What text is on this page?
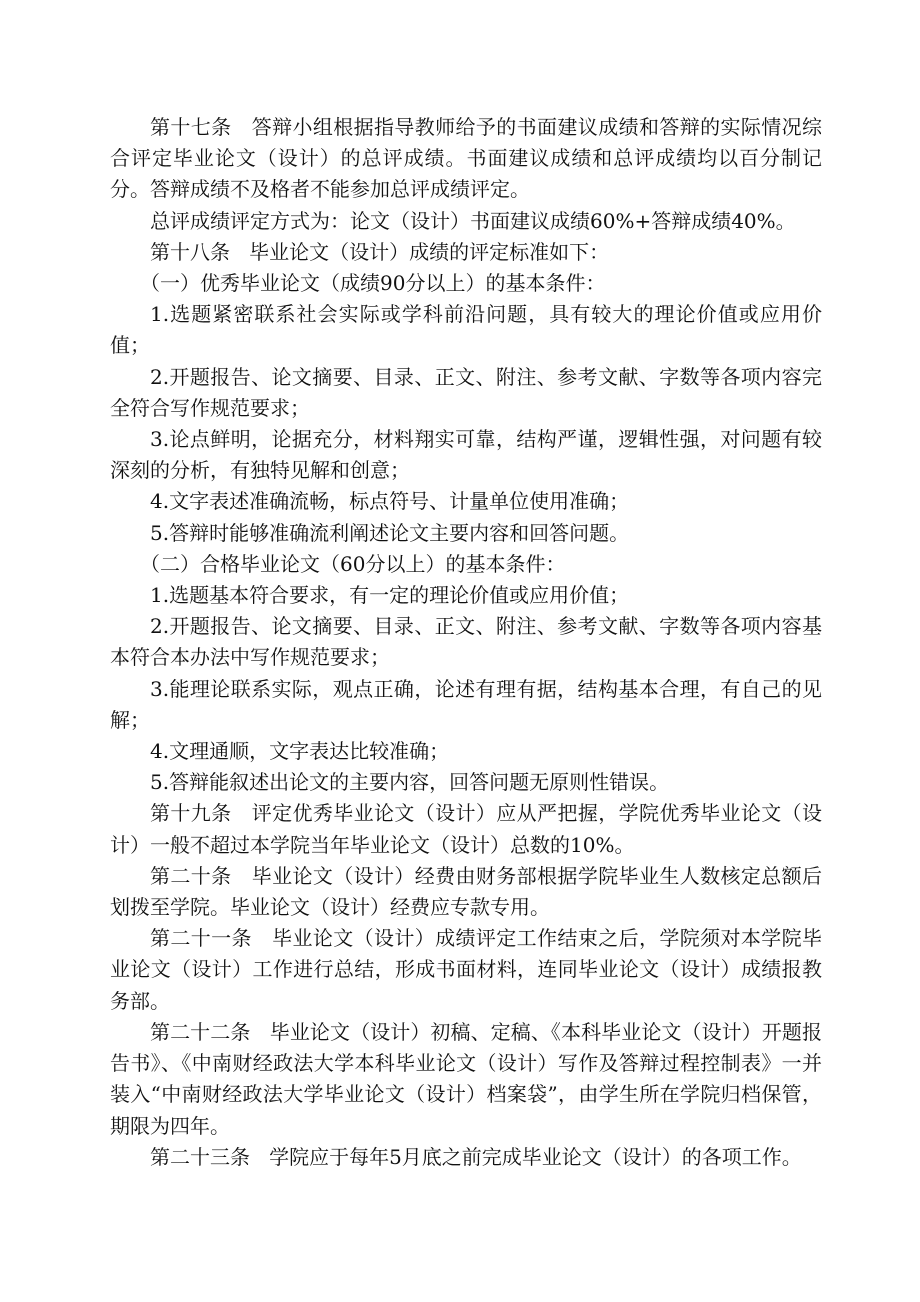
第十七条   答辩小组根据指导教师给予的书面建议成绩和答辩的实际情况综合评定毕业论文（设计）的总评成绩。书面建议成绩和总评成绩均以百分制记分。答辩成绩不及格者不能参加总评成绩评定。

总评成绩评定方式为：论文（设计）书面建议成绩60%+答辩成绩40%。

第十八条   毕业论文（设计）成绩的评定标准如下：

（一）优秀毕业论文（成绩90分以上）的基本条件：

1.选题紧密联系社会实际或学科前沿问题，具有较大的理论价值或应用价值；

2.开题报告、论文摘要、目录、正文、附注、参考文献、字数等各项内容完全符合写作规范要求；

3.论点鲜明，论据充分，材料翔实可靠，结构严谨，逻辑性强，对问题有较深刻的分析，有独特见解和创意；

4.文字表述准确流畅，标点符号、计量单位使用准确；

5.答辩时能够准确流利阐述论文主要内容和回答问题。

（二）合格毕业论文（60分以上）的基本条件：

1.选题基本符合要求，有一定的理论价值或应用价值；

2.开题报告、论文摘要、目录、正文、附注、参考文献、字数等各项内容基本符合本办法中写作规范要求；

3.能理论联系实际，观点正确，论述有理有据，结构基本合理，有自己的见解；

4.文理通顺，文字表达比较准确；

5.答辩能叙述出论文的主要内容，回答问题无原则性错误。

第十九条   评定优秀毕业论文（设计）应从严把握，学院优秀毕业论文（设计）一般不超过本学院当年毕业论文（设计）总数的10%。

第二十条   毕业论文（设计）经费由财务部根据学院毕业生人数核定总额后划拨至学院。毕业论文（设计）经费应专款专用。

第二十一条   毕业论文（设计）成绩评定工作结束之后，学院须对本学院毕业论文（设计）工作进行总结，形成书面材料，连同毕业论文（设计）成绩报教务部。

第二十二条   毕业论文（设计）初稿、定稿、《本科毕业论文（设计）开题报告书》、《中南财经政法大学本科毕业论文（设计）写作及答辩过程控制表》一并装入“中南财经政法大学毕业论文（设计）档案袋”，由学生所在学院归档保管，期限为四年。

第二十三条   学院应于每年5月底之前完成毕业论文（设计）的各项工作。
